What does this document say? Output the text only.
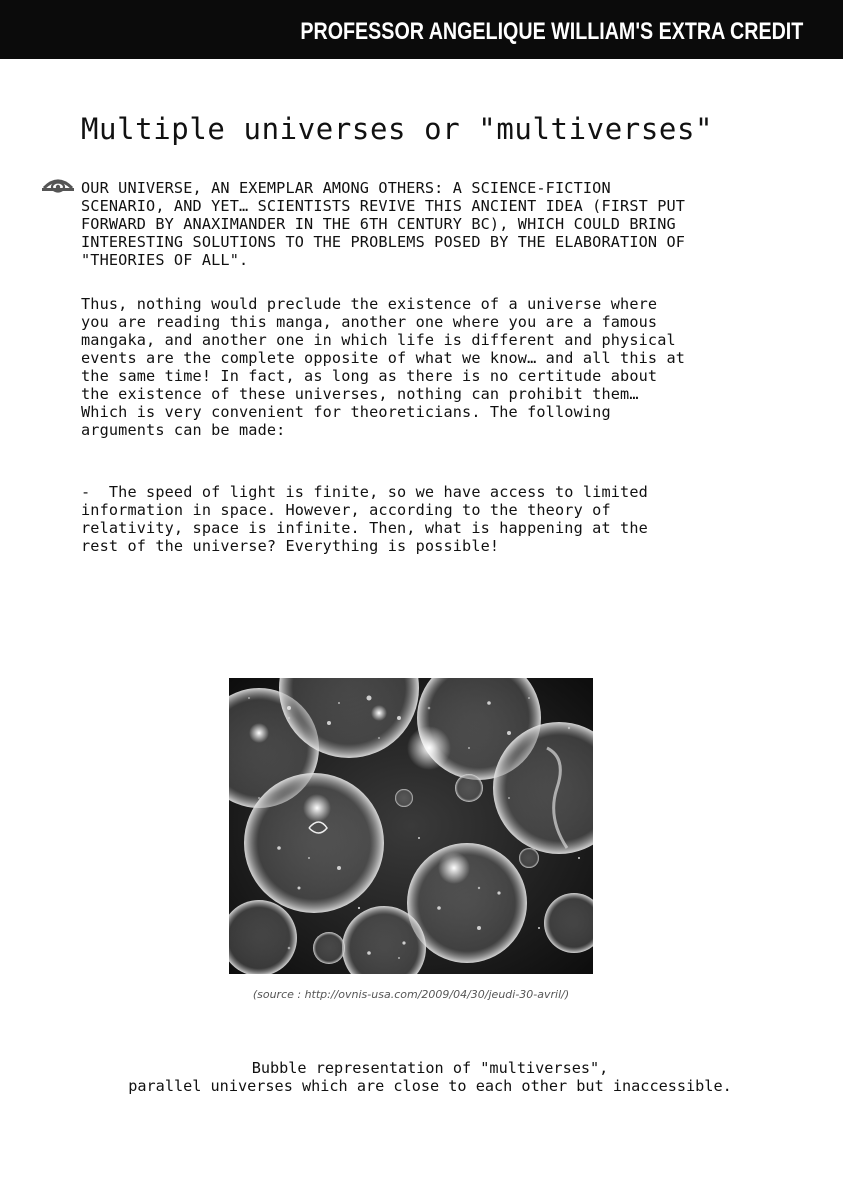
PROFESSOR ANGELIQUE WILLIAM'S EXTRA CREDIT
Multiple universes or "multiverses"

OUR UNIVERSE, AN EXEMPLAR AMONG OTHERS: A SCIENCE-FICTION
SCENARIO, AND YET… SCIENTISTS REVIVE THIS ANCIENT IDEA (FIRST PUT
FORWARD BY ANAXIMANDER IN THE 6TH CENTURY BC), WHICH COULD BRING
INTERESTING SOLUTIONS TO THE PROBLEMS POSED BY THE ELABORATION OF
"THEORIES OF ALL".

Thus, nothing would preclude the existence of a universe where
you are reading this manga, another one where you are a famous
mangaka, and another one in which life is different and physical
events are the complete opposite of what we know… and all this at
the same time! In fact, as long as there is no certitude about
the existence of these universes, nothing can prohibit them…
Which is very convenient for theoreticians. The following
arguments can be made:

-  The speed of light is finite, so we have access to limited
information in space. However, according to the theory of
relativity, space is infinite. Then, what is happening at the
rest of the universe? Everything is possible!

(source : http://ovnis-usa.com/2009/04/30/jeudi-30-avril/)
Bubble representation of "multiverses",
parallel universes which are close to each other but inaccessible.
